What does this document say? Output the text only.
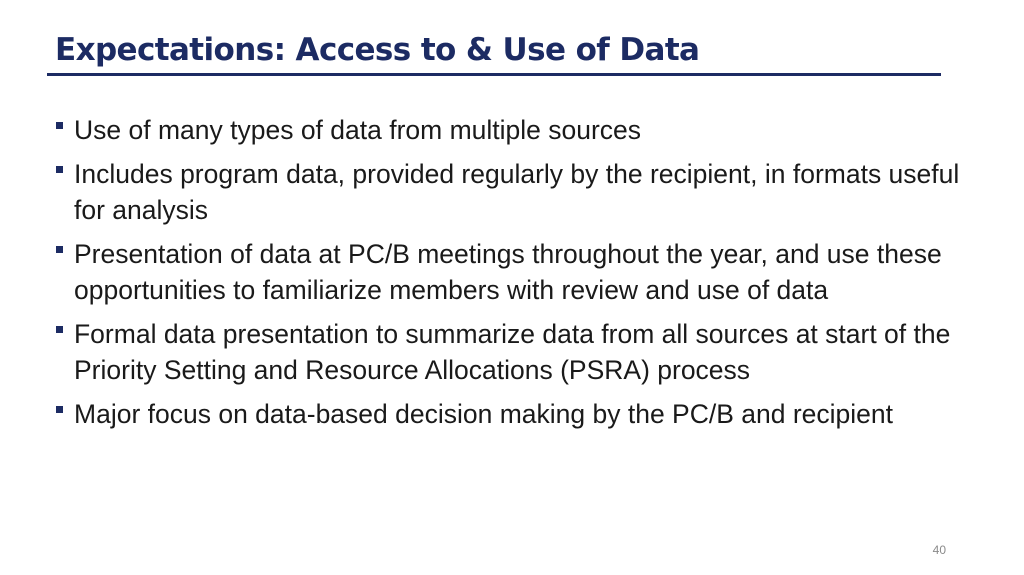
Expectations: Access to & Use of Data
Use of many types of data from multiple sources
Includes program data, provided regularly by the recipient, in formats useful for analysis
Presentation of data at PC/B meetings throughout the year, and use these opportunities to familiarize members with review and use of data
Formal data presentation to summarize data from all sources at start of the Priority Setting and Resource Allocations (PSRA) process
Major focus on data-based decision making by the PC/B and recipient
40
